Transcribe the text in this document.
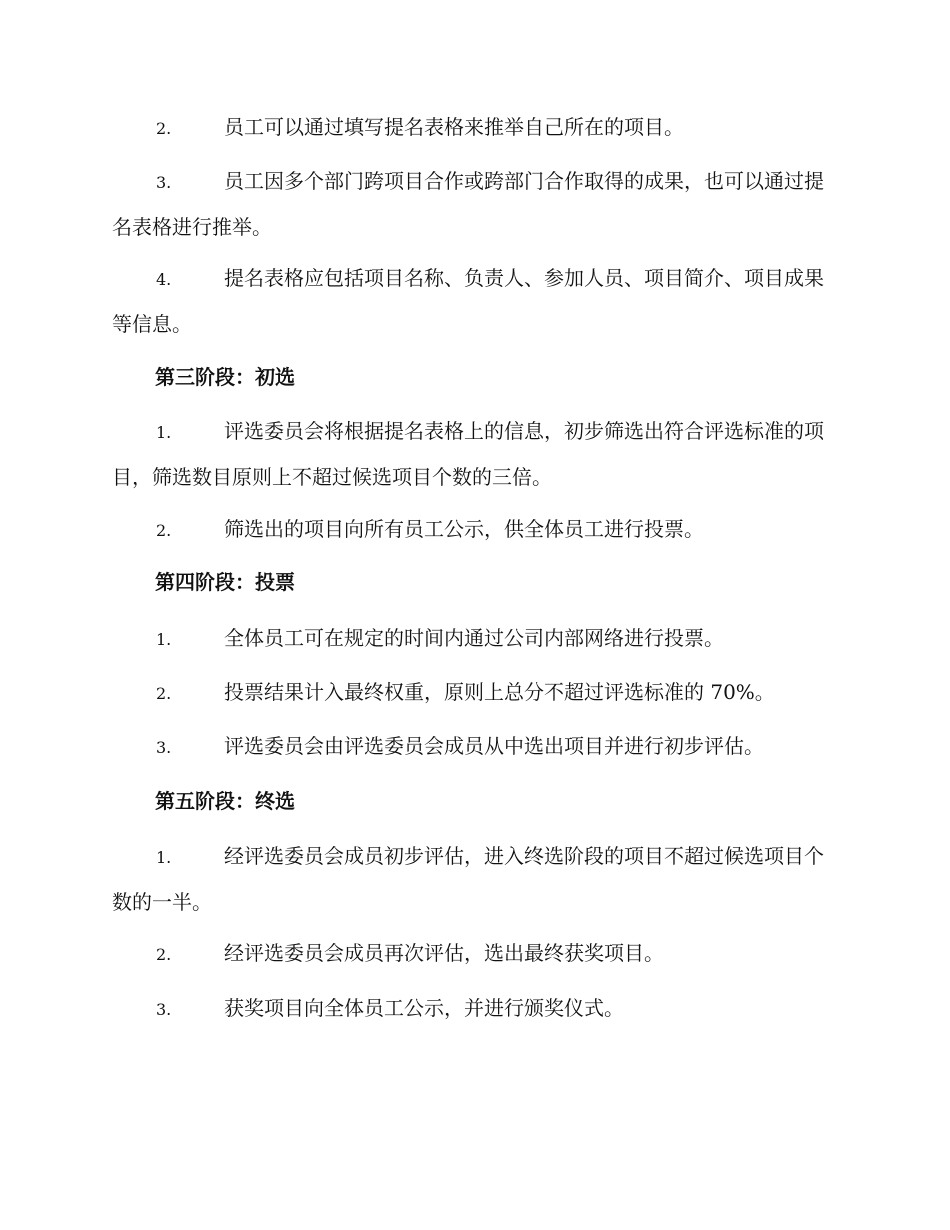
2.	员工可以通过填写提名表格来推举自己所在的项目。
3.	员工因多个部门跨项目合作或跨部门合作取得的成果，也可以通过提名表格进行推举。
4.	提名表格应包括项目名称、负责人、参加人员、项目简介、项目成果等信息。
第三阶段：初选
1.	评选委员会将根据提名表格上的信息，初步筛选出符合评选标准的项目，筛选数目原则上不超过候选项目个数的三倍。
2.	筛选出的项目向所有员工公示，供全体员工进行投票。
第四阶段：投票
1.	全体员工可在规定的时间内通过公司内部网络进行投票。
2.	投票结果计入最终权重，原则上总分不超过评选标准的 70%。
3.	评选委员会由评选委员会成员从中选出项目并进行初步评估。
第五阶段：终选
1.	经评选委员会成员初步评估，进入终选阶段的项目不超过候选项目个数的一半。
2.	经评选委员会成员再次评估，选出最终获奖项目。
3.	获奖项目向全体员工公示，并进行颁奖仪式。
